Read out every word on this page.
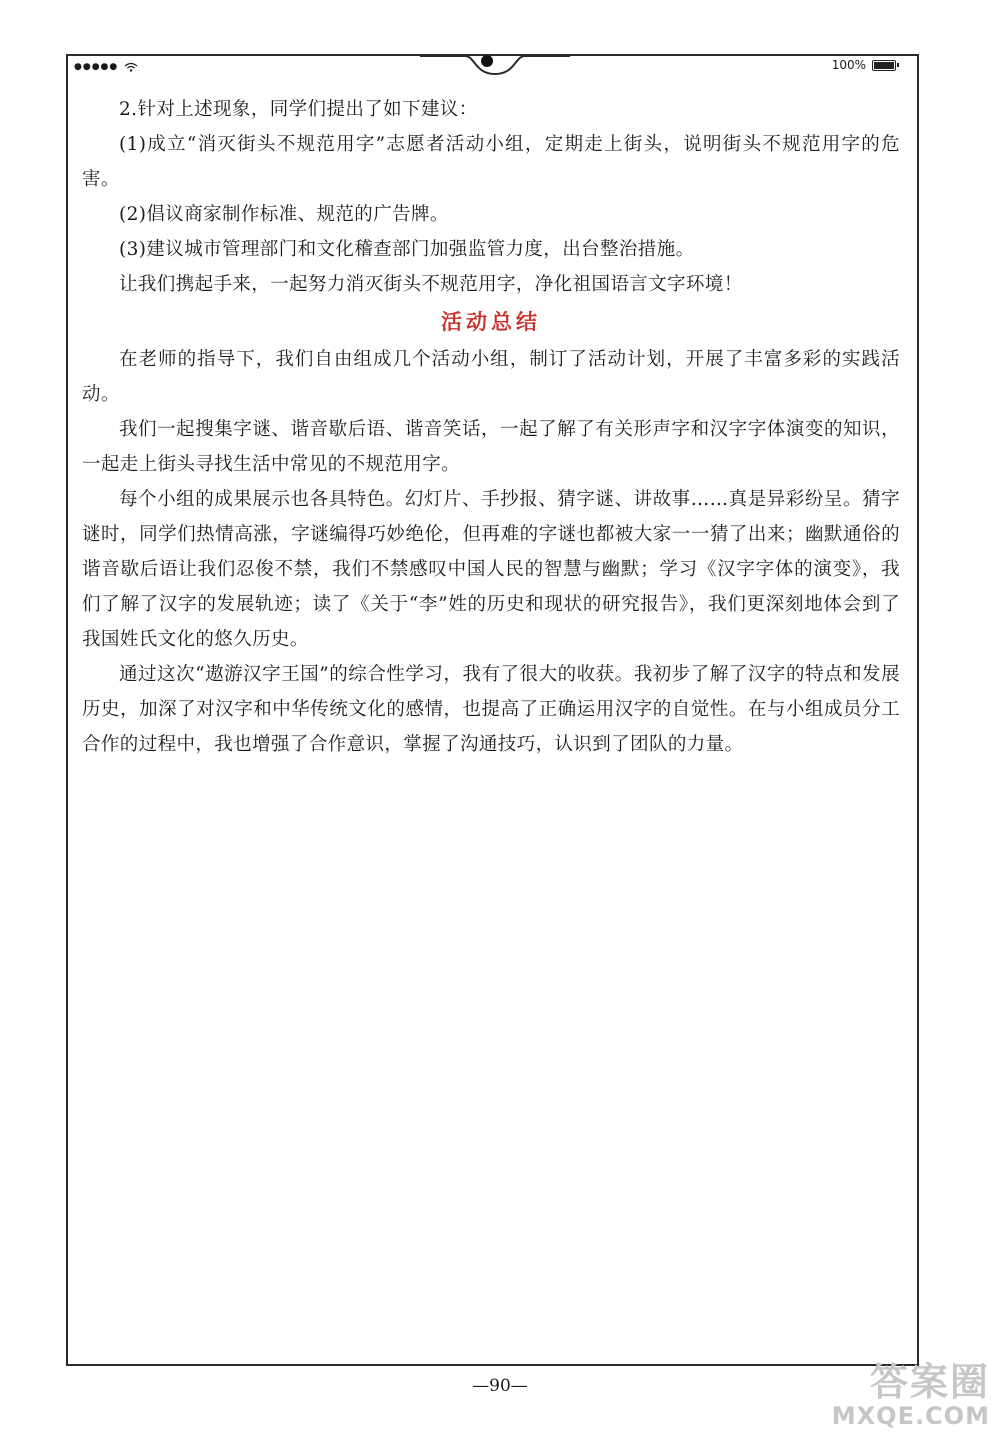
●●●●●	100%

2.针对上述现象，同学们提出了如下建议：

(1)成立“消灭街头不规范用字”志愿者活动小组，定期走上街头，说明街头不规范用字的危害。

(2)倡议商家制作标准、规范的广告牌。

(3)建议城市管理部门和文化稽查部门加强监管力度，出台整治措施。

让我们携起手来，一起努力消灭街头不规范用字，净化祖国语言文字环境！

活动总结

在老师的指导下，我们自由组成几个活动小组，制订了活动计划，开展了丰富多彩的实践活动。

我们一起搜集字谜、谐音歇后语、谐音笑话，一起了解了有关形声字和汉字字体演变的知识，一起走上街头寻找生活中常见的不规范用字。

每个小组的成果展示也各具特色。幻灯片、手抄报、猜字谜、讲故事……真是异彩纷呈。猜字谜时，同学们热情高涨，字谜编得巧妙绝伦，但再难的字谜也都被大家一一猜了出来；幽默通俗的谐音歇后语让我们忍俊不禁，我们不禁感叹中国人民的智慧与幽默；学习《汉字字体的演变》，我们了解了汉字的发展轨迹；读了《关于“李”姓的历史和现状的研究报告》，我们更深刻地体会到了我国姓氏文化的悠久历史。

通过这次“遨游汉字王国”的综合性学习，我有了很大的收获。我初步了解了汉字的特点和发展历史，加深了对汉字和中华传统文化的感情，也提高了正确运用汉字的自觉性。在与小组成员分工合作的过程中，我也增强了合作意识，掌握了沟通技巧，认识到了团队的力量。

—90—	答案圈
MXQE.COM
